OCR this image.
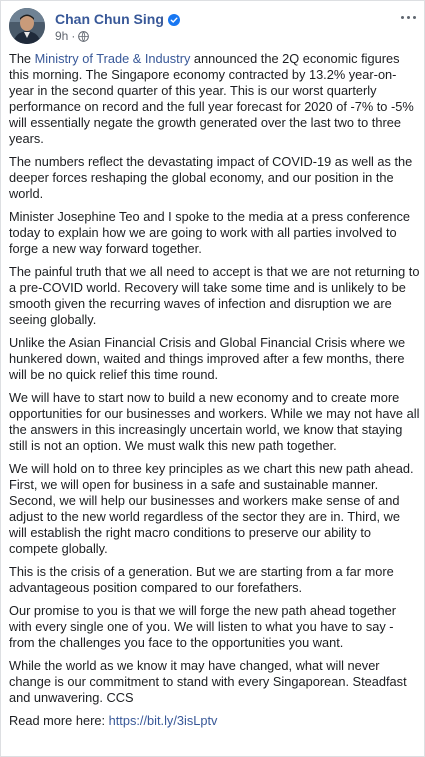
Chan Chun Sing
9h ·

The Ministry of Trade & Industry announced the 2Q economic figures this morning. The Singapore economy contracted by 13.2% year-on-year in the second quarter of this year. This is our worst quarterly performance on record and the full year forecast for 2020 of -7% to -5% will essentially negate the growth generated over the last two to three years.

The numbers reflect the devastating impact of COVID-19 as well as the deeper forces reshaping the global economy, and our position in the world.

Minister Josephine Teo and I spoke to the media at a press conference today to explain how we are going to work with all parties involved to forge a new way forward together.

The painful truth that we all need to accept is that we are not returning to a pre-COVID world. Recovery will take some time and is unlikely to be smooth given the recurring waves of infection and disruption we are seeing globally.

Unlike the Asian Financial Crisis and Global Financial Crisis where we hunkered down, waited and things improved after a few months, there will be no quick relief this time round.

We will have to start now to build a new economy and to create more opportunities for our businesses and workers. While we may not have all the answers in this increasingly uncertain world, we know that staying still is not an option. We must walk this new path together.

We will hold on to three key principles as we chart this new path ahead. First, we will open for business in a safe and sustainable manner. Second, we will help our businesses and workers make sense of and adjust to the new world regardless of the sector they are in. Third, we will establish the right macro conditions to preserve our ability to compete globally.

This is the crisis of a generation. But we are starting from a far more advantageous position compared to our forefathers.

Our promise to you is that we will forge the new path ahead together with every single one of you. We will listen to what you have to say - from the challenges you face to the opportunities you want.

While the world as we know it may have changed, what will never change is our commitment to stand with every Singaporean. Steadfast and unwavering. CCS

Read more here: https://bit.ly/3isLptv
